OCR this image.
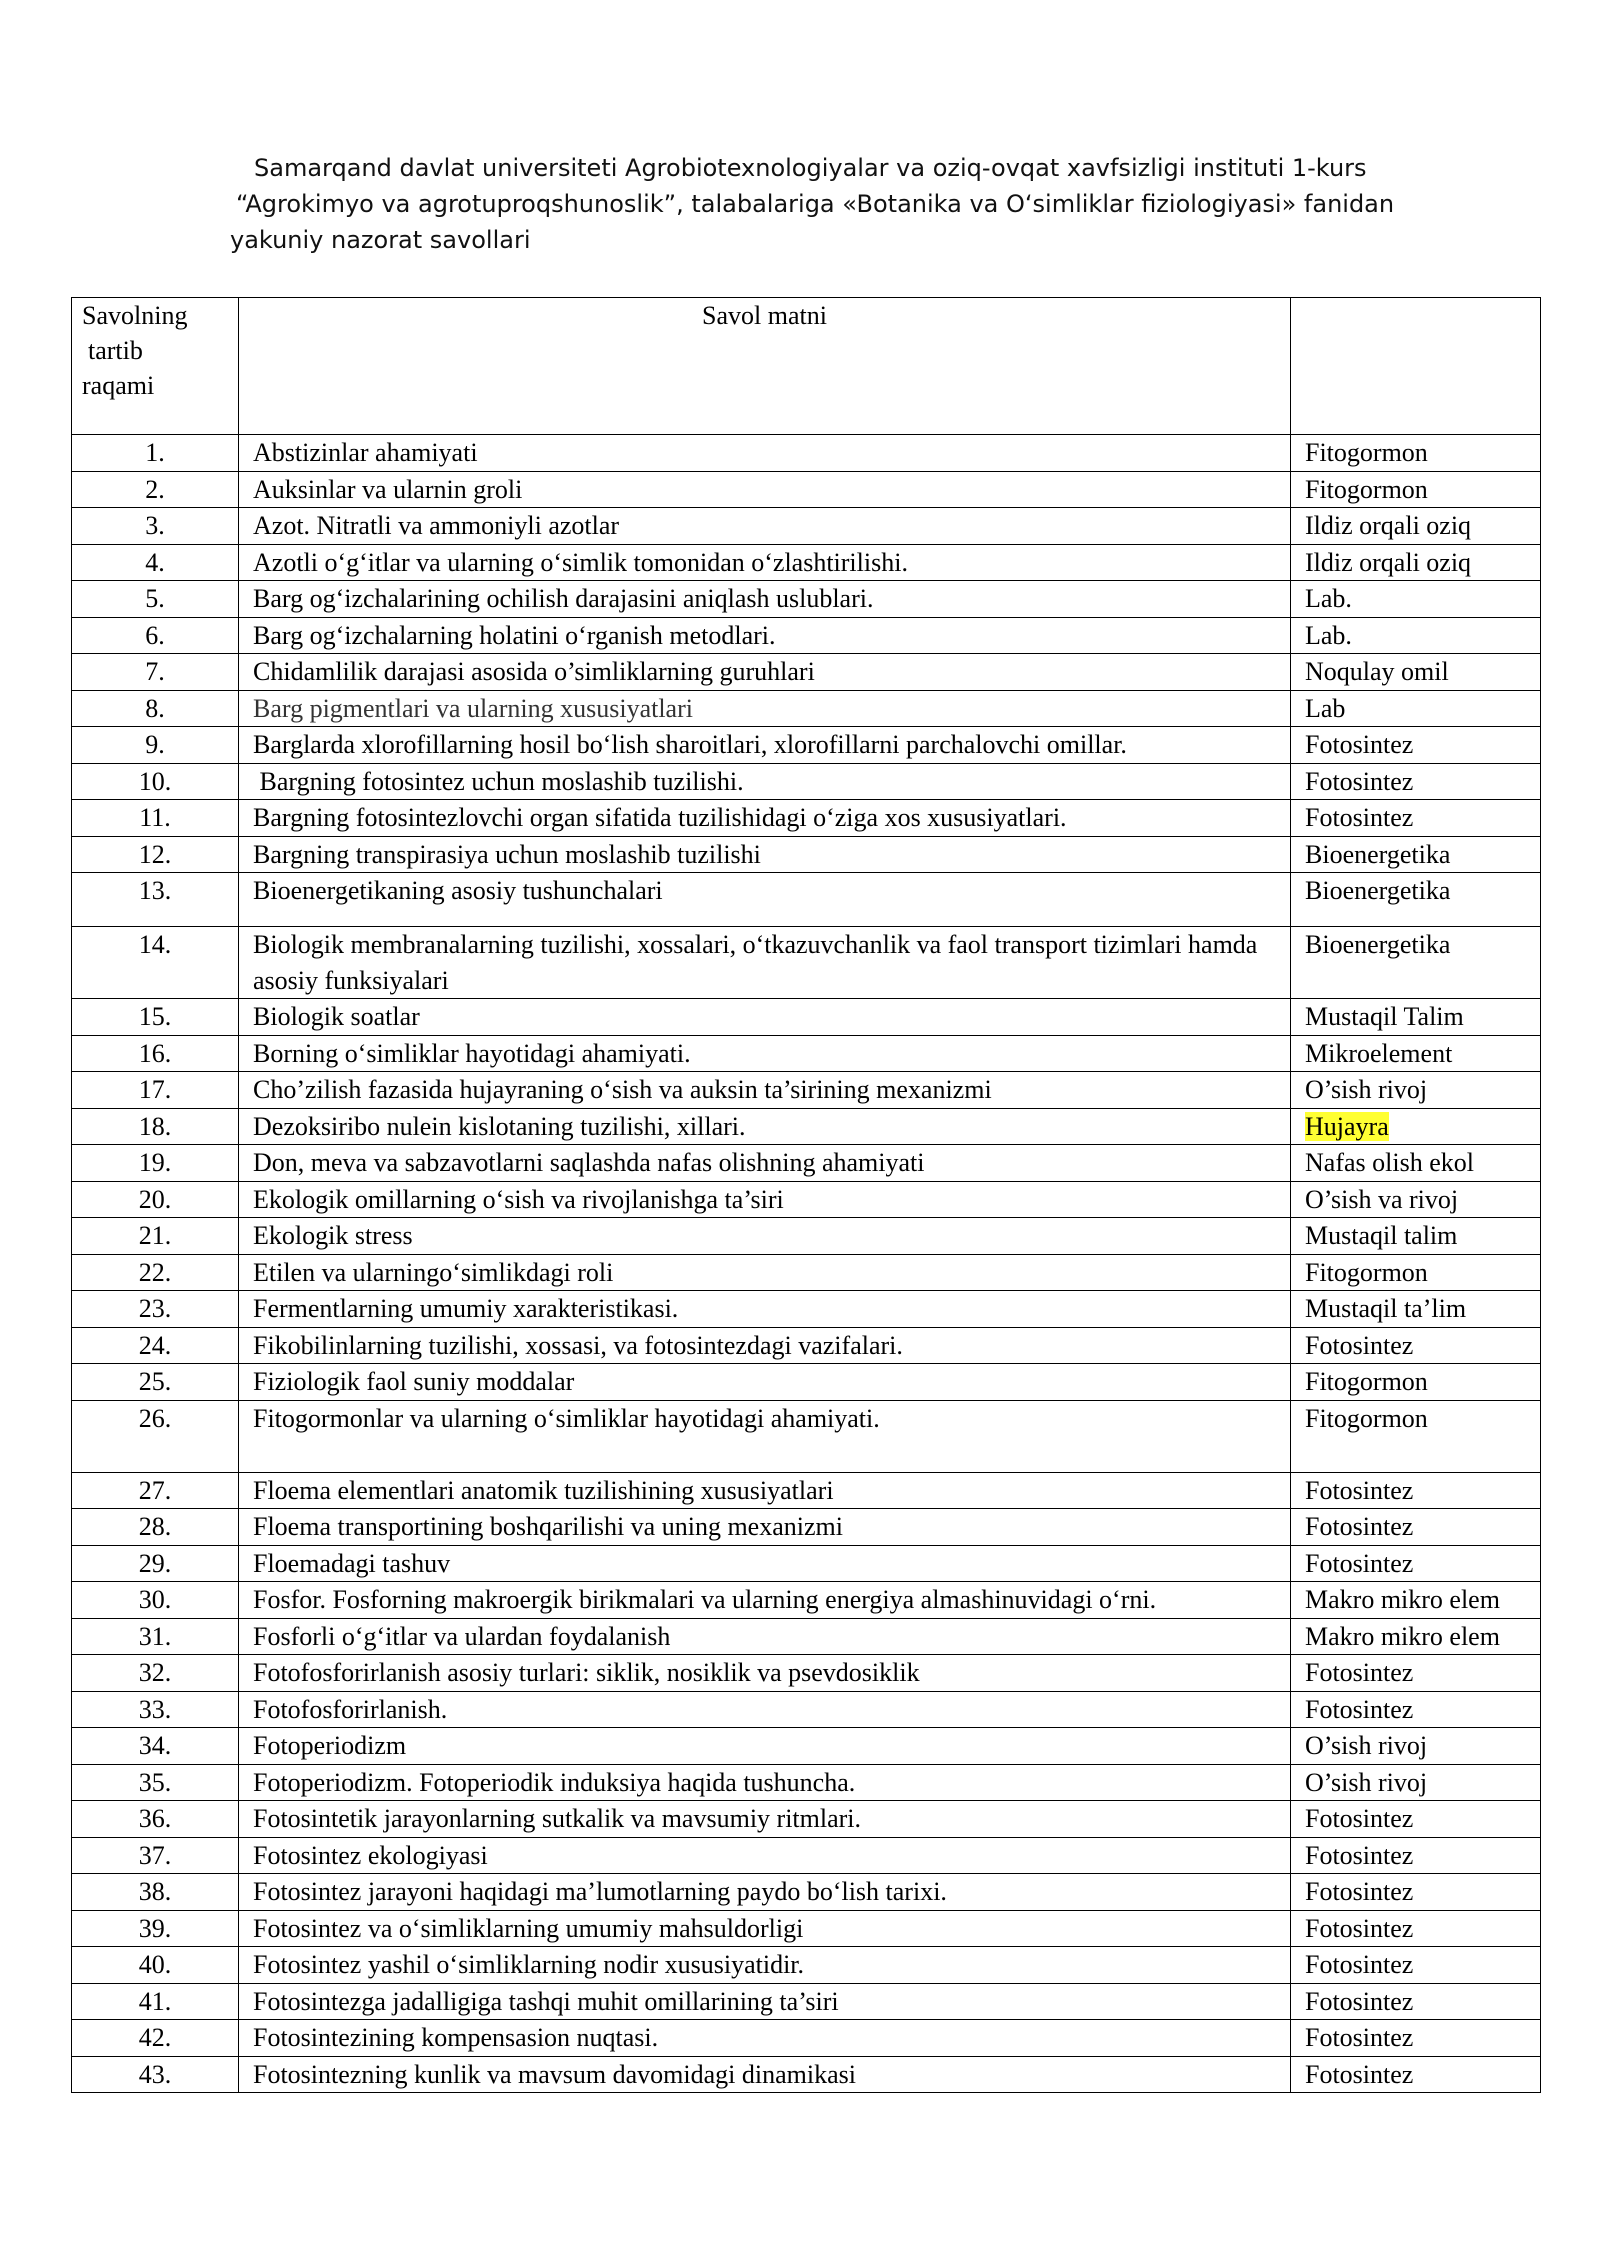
Samarqand davlat universiteti Agrobiotexnologiyalar va oziq-ovqat xavfsizligi instituti 1-kurs
“Agrokimyo va agrotuproqshunoslik”, talabalariga «Botanika va O‘simliklar fiziologiyasi» fanidan
yakuniy nazorat savollari
Savolning
tartib
raqami	Savol matni	
1.	Abstizinlar ahamiyati	Fitogormon
2.	Auksinlar va ularnin groli	Fitogormon
3.	Azot. Nitratli va ammoniyli azotlar	Ildiz orqali oziq
4.	Azotli o‘g‘itlar va ularning o‘simlik tomonidan o‘zlashtirilishi.	Ildiz orqali oziq
5.	Barg og‘izchalarining ochilish darajasini aniqlash uslublari.	Lab.
6.	Barg og‘izchalarning holatini o‘rganish metodlari.	Lab.
7.	Chidamlilik darajasi asosida o’simliklarning guruhlari	Noqulay omil
8.	Barg pigmentlari va ularning xususiyatlari	Lab
9.	Barglarda xlorofillarning hosil bo‘lish sharoitlari, xlorofillarni parchalovchi omillar.	Fotosintez
10.	Bargning fotosintez uchun moslashib tuzilishi.	Fotosintez
11.	Bargning fotosintezlovchi organ sifatida tuzilishidagi o‘ziga xos xususiyatlari.	Fotosintez
12.	Bargning transpirasiya uchun moslashib tuzilishi	Bioenergetika
13.	Bioenergetikaning asosiy tushunchalari	Bioenergetika
14.	Biologik membranalarning tuzilishi, xossalari, o‘tkazuvchanlik va faol transport tizimlari hamda asosiy funksiyalari	Bioenergetika
15.	Biologik soatlar	Mustaqil Talim
16.	Borning o‘simliklar hayotidagi ahamiyati.	Mikroelement
17.	Cho’zilish fazasida hujayraning o‘sish va auksin ta’sirining mexanizmi	O’sish rivoj
18.	Dezoksiribo nulein kislotaning tuzilishi, xillari.	Hujayra
19.	Don, meva va sabzavotlarni saqlashda nafas olishning ahamiyati	Nafas olish ekol
20.	Ekologik omillarning o‘sish va rivojlanishga ta’siri	O’sish va rivoj
21.	Ekologik stress	Mustaqil talim
22.	Etilen va ularningo‘simlikdagi roli	Fitogormon
23.	Fermentlarning umumiy xarakteristikasi.	Mustaqil ta’lim
24.	Fikobilinlarning tuzilishi, xossasi, va fotosintezdagi vazifalari.	Fotosintez
25.	Fiziologik faol suniy moddalar	Fitogormon
26.	Fitogormonlar va ularning o‘simliklar hayotidagi ahamiyati.	Fitogormon
27.	Floema elementlari anatomik tuzilishining xususiyatlari	Fotosintez
28.	Floema transportining boshqarilishi va uning mexanizmi	Fotosintez
29.	Floemadagi tashuv	Fotosintez
30.	Fosfor. Fosforning makroergik birikmalari va ularning energiya almashinuvidagi o‘rni.	Makro mikro elem
31.	Fosforli o‘g‘itlar va ulardan foydalanish	Makro mikro elem
32.	Fotofosforirlanish asosiy turlari: siklik, nosiklik va psevdosiklik	Fotosintez
33.	Fotofosforirlanish.	Fotosintez
34.	Fotoperiodizm	O’sish rivoj
35.	Fotoperiodizm. Fotoperiodik induksiya haqida tushuncha.	O’sish rivoj
36.	Fotosintetik jarayonlarning sutkalik va mavsumiy ritmlari.	Fotosintez
37.	Fotosintez ekologiyasi	Fotosintez
38.	Fotosintez jarayoni haqidagi ma’lumotlarning paydo bo‘lish tarixi.	Fotosintez
39.	Fotosintez va o‘simliklarning umumiy mahsuldorligi	Fotosintez
40.	Fotosintez yashil o‘simliklarning nodir xususiyatidir.	Fotosintez
41.	Fotosintezga jadalligiga tashqi muhit omillarining ta’siri	Fotosintez
42.	Fotosintezining kompensasion nuqtasi.	Fotosintez
43.	Fotosintezning kunlik va mavsum davomidagi dinamikasi	Fotosintez
